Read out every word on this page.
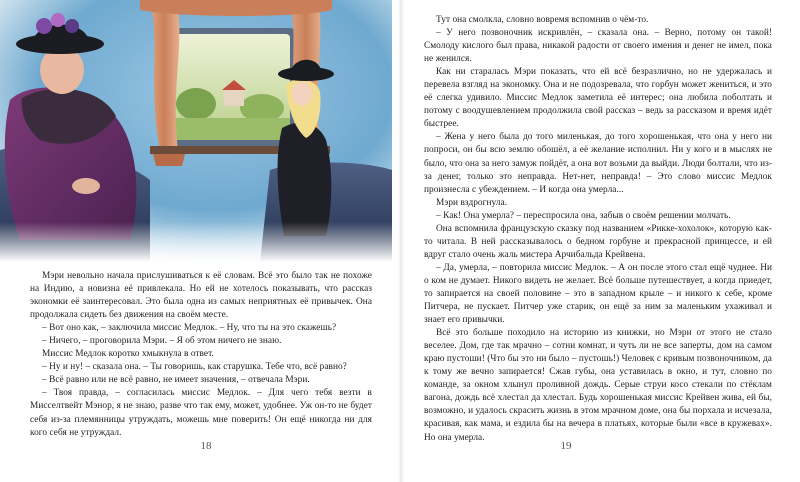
Мэри невольно начала прислушиваться к её словам. Всё это было так не похоже на Индию, а новизна её привлекала. Но ей не хотелось показывать, что рассказ экономки её заинтересовал. Это была одна из самых неприятных её привычек. Она продолжала сидеть без движения на своём месте.

– Вот оно как, – заключила миссис Медлок. – Ну, что ты на это скажешь?

– Ничего, – проговорила Мэри. – Я об этом ничего не знаю.

Миссис Медлок коротко хмыкнула в ответ.

– Ну и ну! – сказала она. – Ты говоришь, как старушка. Тебе что, всё равно?

– Всё равно или не всё равно, не имеет значения, – отвечала Мэри.

– Твоя правда, – согласилась миссис Медлок. – Для чего тебя везти в Мисселтвейт Мэнор, я не знаю, разве что так ему, может, удобнее. Уж он-то не будет себя из-за племянницы утруждать, можешь мне поверить! Он ещё никогда ни для кого себя не утруждал.

18

Тут она смолкла, словно вовремя вспомнив о чём-то.

– У него позвоночник искривлён, – сказала она. – Верно, потому он такой! Смолоду кислого был права, никакой радости от своего имения и денег не имел, пока не женился.

Как ни старалась Мэри показать, что ей всё безразлично, но не удержалась и перевела взгляд на экономку. Она и не подозревала, что горбун может жениться, и это её слегка удивило. Миссис Медлок заметила её интерес; она любила поболтать и потому с воодушевлением продолжила свой рассказ – ведь за рассказом и время идёт быстрее.

– Жена у него была до того миленькая, до того хорошенькая, что она у него ни попроси, он бы всю землю обошёл, а её желание исполнил. Ни у кого и в мыслях не было, что она за него замуж пойдёт, а она вот возьми да выйди. Люди болтали, что из-за денег, только это неправда. Нет-нет, неправда! – Это слово миссис Медлок произнесла с убеждением. – И когда она умерла...

Мэри вздрогнула.

– Как! Она умерла? – переспросила она, забыв о своём решении молчать.

Она вспомнила французскую сказку под названием «Рикке-хохолок», которую как-то читала. В ней рассказывалось о бедном горбуне и прекрасной принцессе, и ей вдруг стало очень жаль мистера Арчибальда Крейвена.

– Да, умерла, – повторила миссис Медлок. – А он после этого стал ещё чуднее. Ни о ком не думает. Никого видеть не желает. Всё больше путешествует, а когда приедет, то запирается на своей половине – это в западном крыле – и никого к себе, кроме Питчера, не пускает. Питчер уже старик, он ещё за ним за маленьким ухаживал и знает его привычки.

Всё это больше походило на историю из книжки, но Мэри от этого не стало веселее. Дом, где так мрачно – сотни комнат, и чуть ли не все заперты, дом на самом краю пустоши! (Что бы это ни было – пустошь!) Человек с кривым позвоночником, да к тому же вечно запирается! Сжав губы, она уставилась в окно, и тут, словно по команде, за окном хлынул проливной дождь. Серые струи косо стекали по стёклам вагона, дождь всё хлестал да хлестал. Будь хорошенькая миссис Крейвен жива, ей бы, возможно, и удалось скрасить жизнь в этом мрачном доме, она бы порхала и исчезала, красивая, как мама, и ездила бы на вечера в платьях, которые были «все в кружевах». Но она умерла.

19
